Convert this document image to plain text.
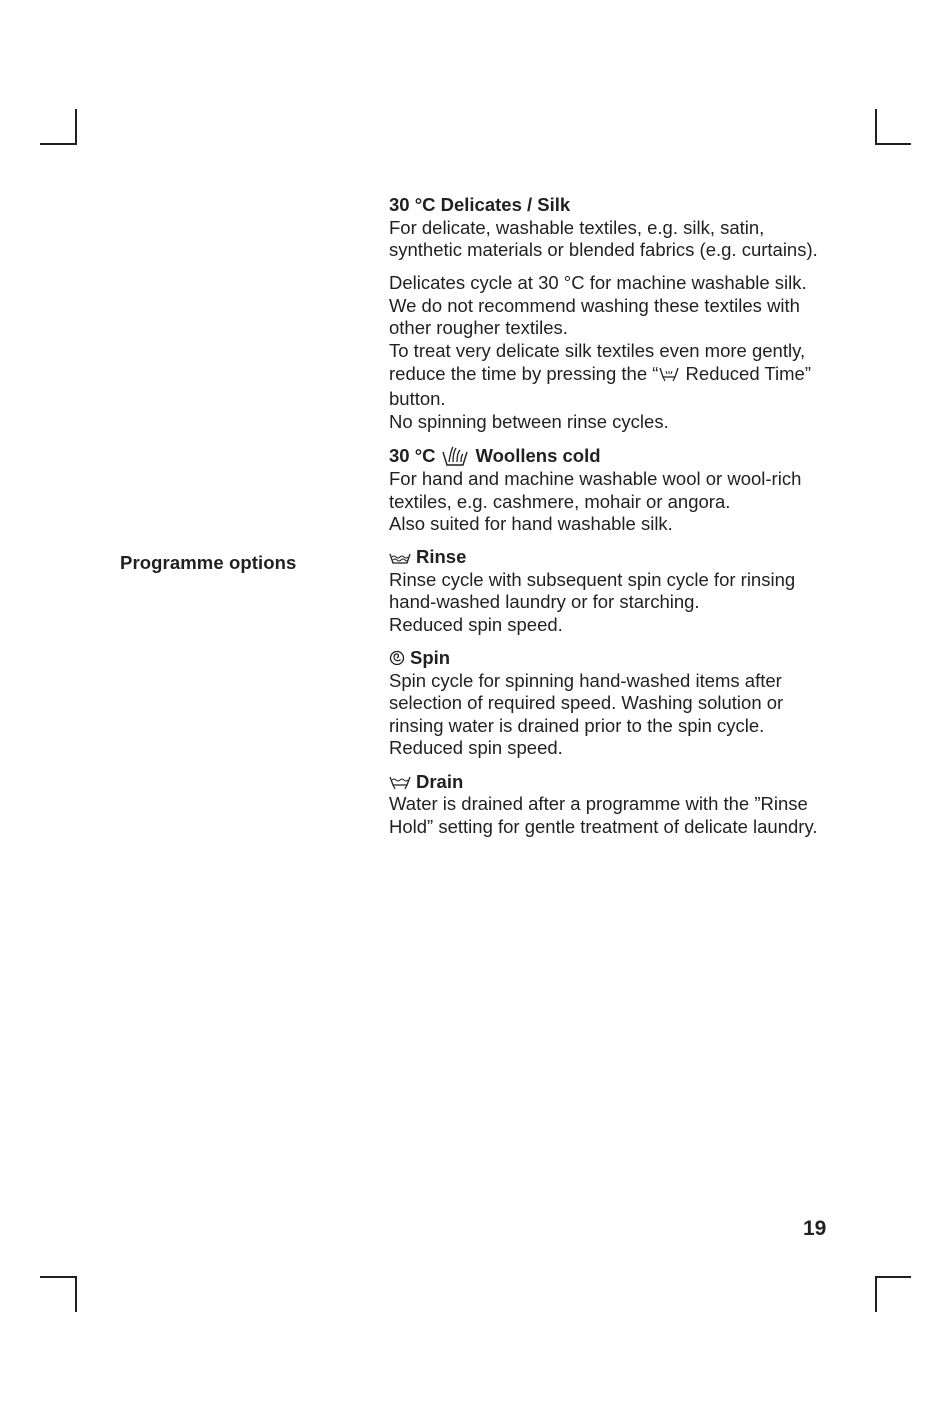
Programme options
30 °C Delicates / Silk
For delicate, washable textiles, e.g. silk, satin,
synthetic materials or blended fabrics (e.g. curtains).
Delicates cycle at 30 °C for machine washable silk.
We do not recommend washing these textiles with
other rougher textiles.
To treat very delicate silk textiles even more gently,
reduce the time by pressing the “ Reduced Time”
button.
No spinning between rinse cycles.
30 °C Woollens cold
For hand and machine washable wool or wool-rich
textiles, e.g. cashmere, mohair or angora.
Also suited for hand washable silk.
Rinse
Rinse cycle with subsequent spin cycle for rinsing
hand-washed laundry or for starching.
Reduced spin speed.
Spin
Spin cycle for spinning hand-washed items after
selection of required speed. Washing solution or
rinsing water is drained prior to the spin cycle.
Reduced spin speed.
Drain
Water is drained after a programme with the ”Rinse
Hold” setting for gentle treatment of delicate laundry.
19
